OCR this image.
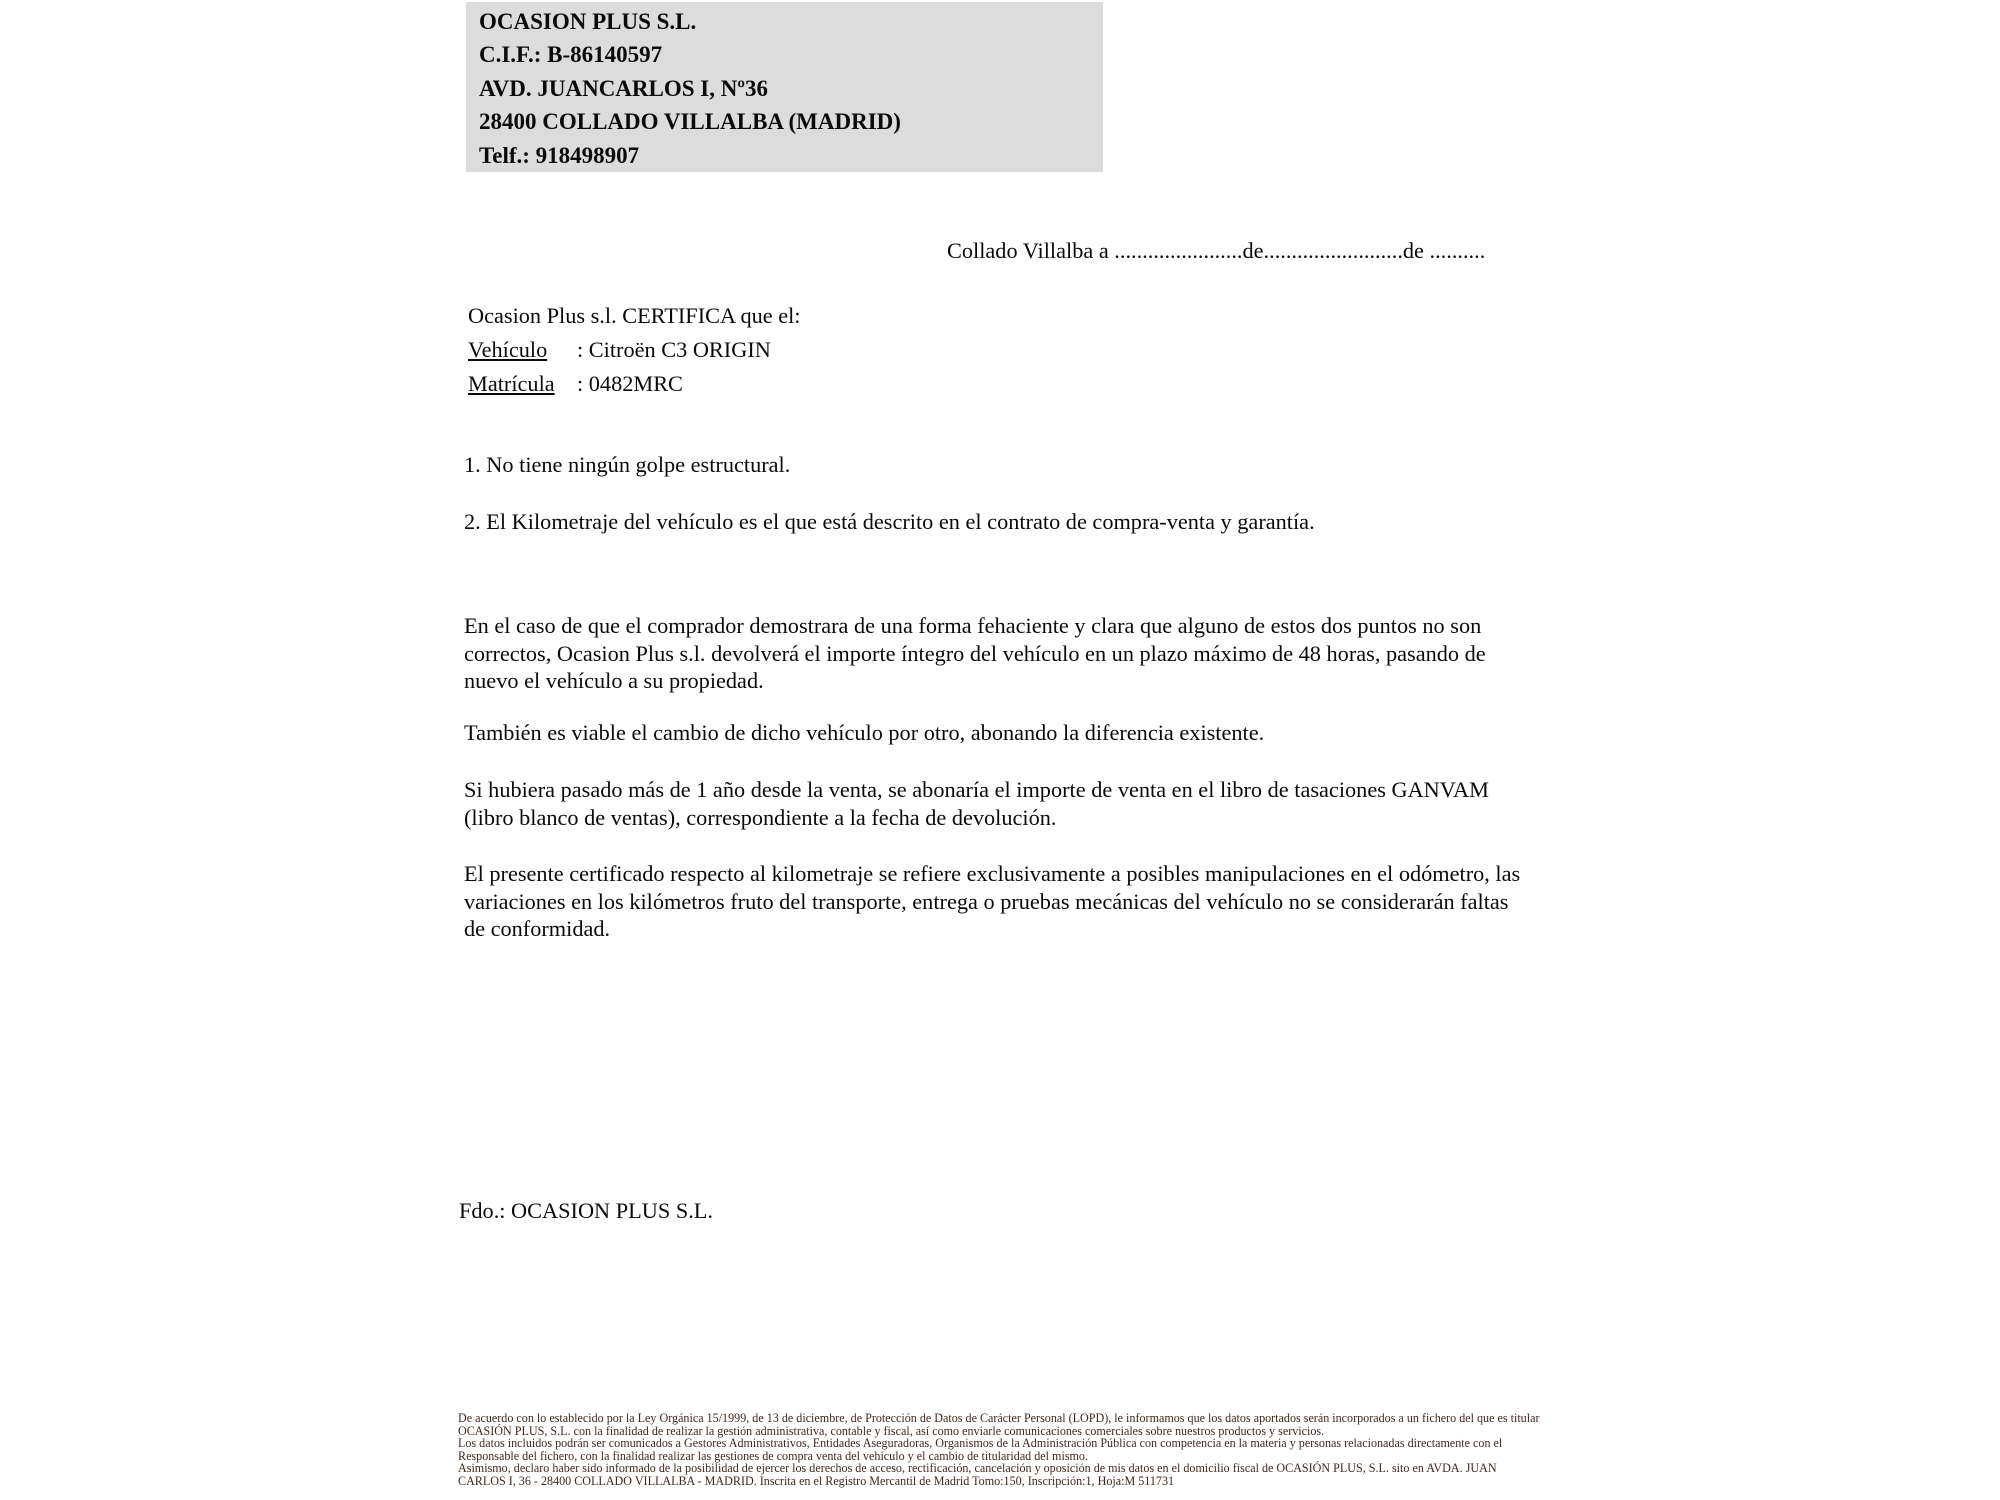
OCASION PLUS S.L.
C.I.F.: B-86140597
AVD. JUANCARLOS I, Nº36
28400 COLLADO VILLALBA (MADRID)
Telf.: 918498907
Collado Villalba a .......................de.........................de ..........
Ocasion Plus s.l. CERTIFICA que el:
Vehículo : Citroën C3 ORIGIN
Matrícula : 0482MRC
1. No tiene ningún golpe estructural.
2. El Kilometraje del vehículo es el que está descrito en el contrato de compra-venta y garantía.
En el caso de que el comprador demostrara de una forma fehaciente y clara que alguno de estos dos puntos no son correctos, Ocasion Plus s.l. devolverá el importe íntegro del vehículo en un plazo máximo de 48 horas, pasando de nuevo el vehículo a su propiedad.
También es viable el cambio de dicho vehículo por otro, abonando la diferencia existente.
Si hubiera pasado más de 1 año desde la venta, se abonaría el importe de venta en el libro de tasaciones GANVAM (libro blanco de ventas), correspondiente a la fecha de devolución.
El presente certificado respecto al kilometraje se refiere exclusivamente a posibles manipulaciones en el odómetro, las variaciones en los kilómetros fruto del transporte, entrega o pruebas mecánicas del vehículo no se considerarán faltas de conformidad.
Fdo.: OCASION PLUS S.L.
De acuerdo con lo establecido por la Ley Orgánica 15/1999, de 13 de diciembre, de Protección de Datos de Carácter Personal (LOPD), le informamos que los datos aportados serán incorporados a un fichero del que es titular
OCASIÓN PLUS, S.L. con la finalidad de realizar la gestión administrativa, contable y fiscal, así como enviarle comunicaciones comerciales sobre nuestros productos y servicios.
Los datos incluidos podrán ser comunicados a Gestores Administrativos, Entidades Aseguradoras, Organismos de la Administración Pública con competencia en la materia y personas relacionadas directamente con el
Responsable del fichero, con la finalidad realizar las gestiones de compra venta del vehículo y el cambio de titularidad del mismo.
Asimismo, declaro haber sido informado de la posibilidad de ejercer los derechos de acceso, rectificación, cancelación y oposición de mis datos en el domicilio fiscal de OCASIÓN PLUS, S.L. sito en AVDA. JUAN
CARLOS I, 36 - 28400 COLLADO VILLALBA - MADRID. Inscrita en el Registro Mercantil de Madrid Tomo:150, Inscripción:1, Hoja:M 511731
